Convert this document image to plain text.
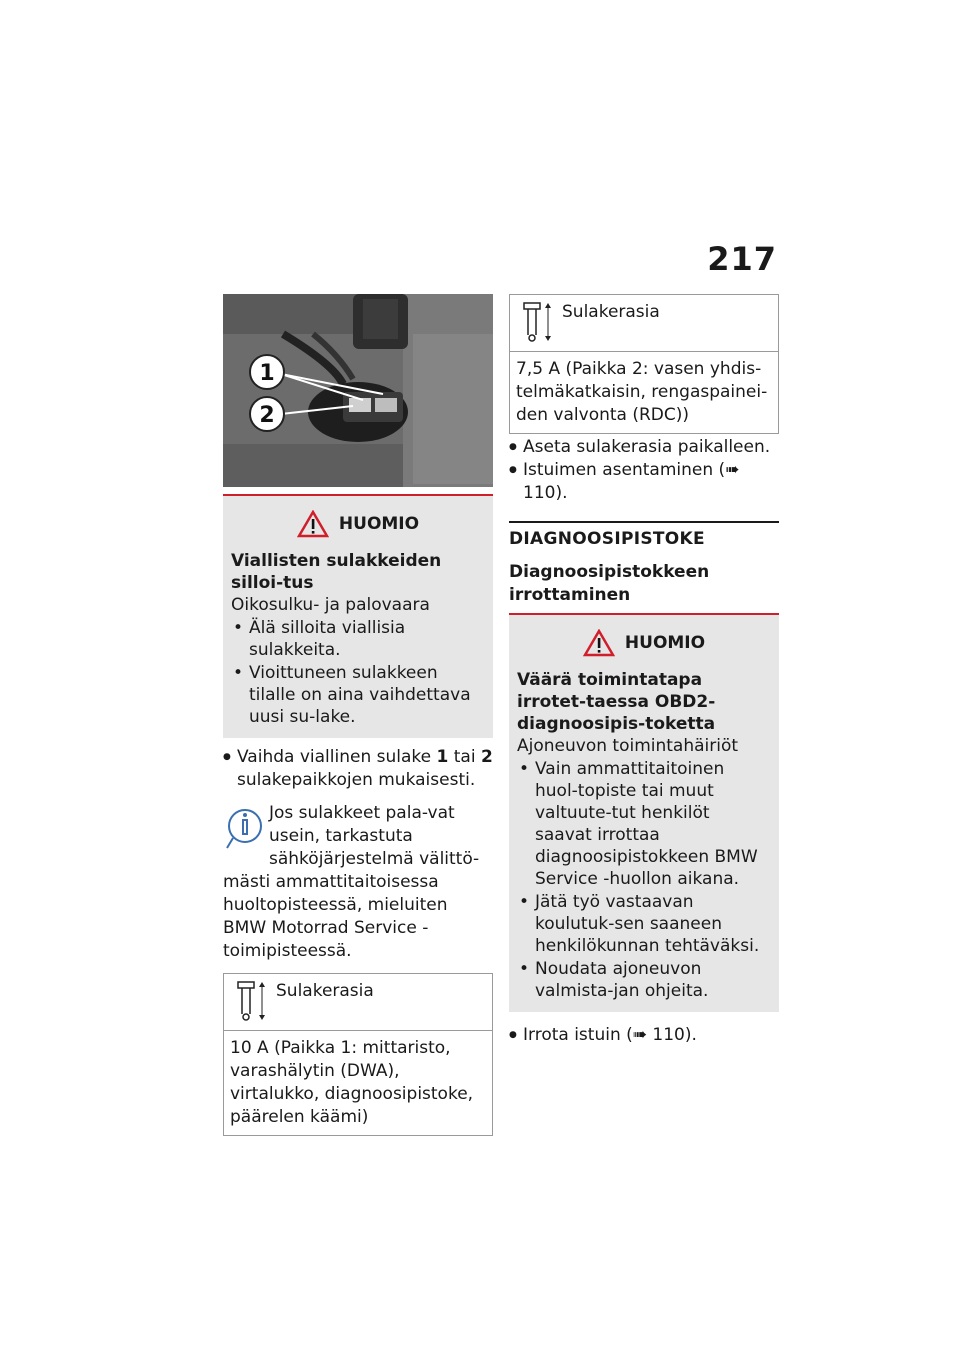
217
1
2
HUOMIO
Viallisten sulakkeiden silloi-tus
Oikosulku- ja palovaara
• Älä silloita viallisia sulakkeita.
• Vioittuneen sulakkeen tilalle on aina vaihdettava uusi su-lake.
● Vaihda viallinen sulake 1 tai 2 sulakepaikkojen mukaisesti.

Jos sulakkeet pala-vat usein, tarkastuta sähköjärjestelmä välittö-mästi ammattitaitoisessa huoltopisteessä, mieluiten BMW Motorrad Service -toimipisteessä.

Sulakerasia
10 A (Paikka 1: mittaristo, varashälytin (DWA), virtalukko, diagnoosipistoke, päärelen käämi)
Sulakerasia
7,5 A (Paikka 2: vasen yhdis-telmäkatkaisin, rengaspainei-den valvonta (RDC))
● Aseta sulakerasia paikalleen.
● Istuimen asentaminen (➠ 110).
DIAGNOOSIPISTOKE
Diagnoosipistokkeen irrottaminen
HUOMIO
Väärä toimintatapa irrotet-taessa OBD2-diagnoosipis-toketta
Ajoneuvon toimintahäiriöt
• Vain ammattitaitoinen huol-topiste tai muut valtuute-tut henkilöt saavat irrottaa diagnoosipistokkeen BMW Service -huollon aikana.
• Jätä työ vastaavan koulutuk-sen saaneen henkilökunnan tehtäväksi.
• Noudata ajoneuvon valmista-jan ohjeita.
● Irrota istuin (➠ 110).
